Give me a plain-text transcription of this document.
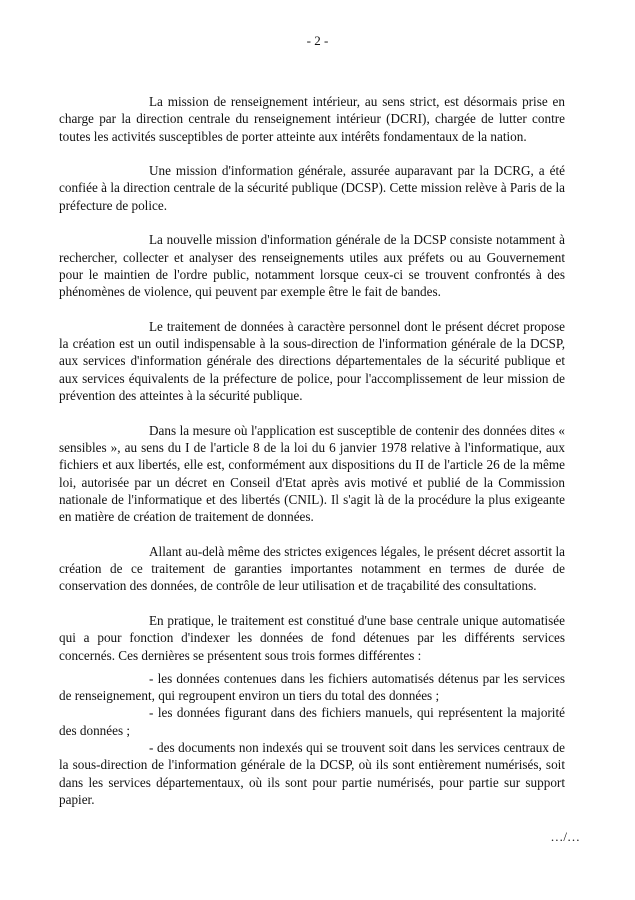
- 2 -

La mission de renseignement intérieur, au sens strict, est désormais prise en charge par la direction centrale du renseignement intérieur (DCRI), chargée de lutter contre toutes les activités susceptibles de porter atteinte aux intérêts fondamentaux de la nation.

Une mission d'information générale, assurée auparavant par la DCRG, a été confiée à la direction centrale de la sécurité publique (DCSP). Cette mission relève à Paris de la préfecture de police.

La nouvelle mission d'information générale de la DCSP consiste notamment à rechercher, collecter et analyser des renseignements utiles aux préfets ou au Gouvernement pour le maintien de l'ordre public, notamment lorsque ceux-ci se trouvent confrontés à des phénomènes de violence, qui peuvent par exemple être le fait de bandes.

Le traitement de données à caractère personnel dont le présent décret propose la création est un outil indispensable à la sous-direction de l'information générale de la DCSP, aux services d'information générale des directions départementales de la sécurité publique et aux services équivalents de la préfecture de police, pour l'accomplissement de leur mission de prévention des atteintes à la sécurité publique.

Dans la mesure où l'application est susceptible de contenir des données dites « sensibles », au sens du I de l'article 8 de la loi du 6 janvier 1978 relative à l'informatique, aux fichiers et aux libertés, elle est, conformément aux dispositions du II de l'article 26 de la même loi, autorisée par un décret en Conseil d'Etat après avis motivé et publié de la Commission nationale de l'informatique et des libertés (CNIL). Il s'agit là de la procédure la plus exigeante en matière de création de traitement de données.

Allant au-delà même des strictes exigences légales, le présent décret assortit la création de ce traitement de garanties importantes notamment en termes de durée de conservation des données, de contrôle de leur utilisation et de traçabilité des consultations.

En pratique, le traitement est constitué d'une base centrale unique automatisée qui a pour fonction d'indexer les données de fond détenues par les différents services concernés. Ces dernières se présentent sous trois formes différentes :

- les données contenues dans les fichiers automatisés détenus par les services de renseignement, qui regroupent environ un tiers du total des données ;

- les données figurant dans des fichiers manuels, qui représentent la majorité des données ;

- des documents non indexés qui se trouvent soit dans les services centraux de la sous-direction de l'information générale de la DCSP, où ils sont entièrement numérisés, soit dans les services départementaux, où ils sont pour partie numérisés, pour partie sur support papier.

…/…
